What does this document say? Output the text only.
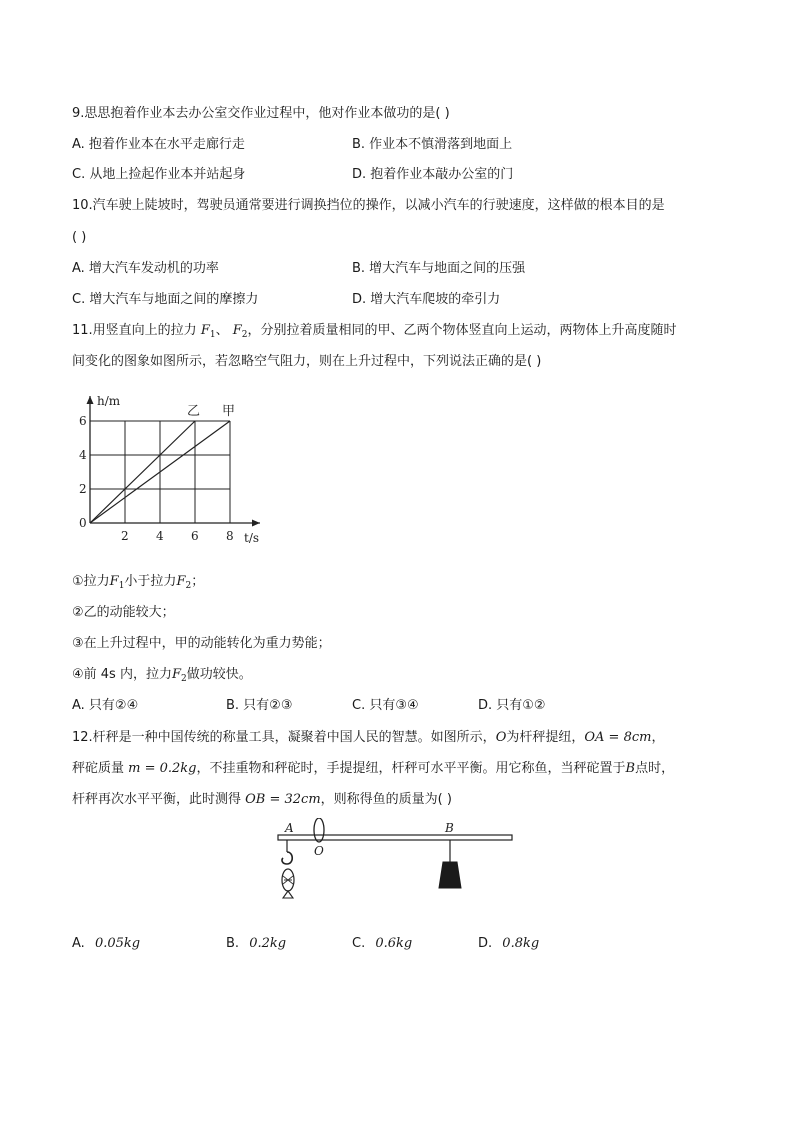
9.思思抱着作业本去办公室交作业过程中，他对作业本做功的是( )
A. 抱着作业本在水平走廊行走	B. 作业本不慎滑落到地面上
C. 从地上捡起作业本并站起身	D. 抱着作业本敲办公室的门
10.汽车驶上陡坡时，驾驶员通常要进行调换挡位的操作，以减小汽车的行驶速度，这样做的根本目的是
( )
A. 增大汽车发动机的功率	B. 增大汽车与地面之间的压强
C. 增大汽车与地面之间的摩擦力	D. 增大汽车爬坡的牵引力
11.用竖直向上的拉力 $F_1$、 $F_2$，分别拉着质量相同的甲、乙两个物体竖直向上运动，两物体上升高度随时
间变化的图象如图所示，若忽略空气阻力，则在上升过程中，下列说法正确的是( )
乙 甲
2 4 6 8
2
4
6
0
t/s
h/m
①拉力$F_1$小于拉力$F_2$；
②乙的动能较大；
③在上升过程中，甲的动能转化为重力势能；
④前 4s 内，拉力$F_2$做功较快。
A. 只有②④	B. 只有②③	C. 只有③④	D. 只有①②
12.杆秤是一种中国传统的称量工具，凝聚着中国人民的智慧。如图所示，O为杆秤提纽，OA = 8cm，
秤砣质量 m = 0.2kg，不挂重物和秤砣时，手提提纽，杆秤可水平平衡。用它称鱼，当秤砣置于B点时，
杆秤再次水平平衡，此时测得 OB = 32cm，则称得鱼的质量为( )
A
O
B
A. 0.05kg	B. 0.2kg	C. 0.6kg	D. 0.8kg
